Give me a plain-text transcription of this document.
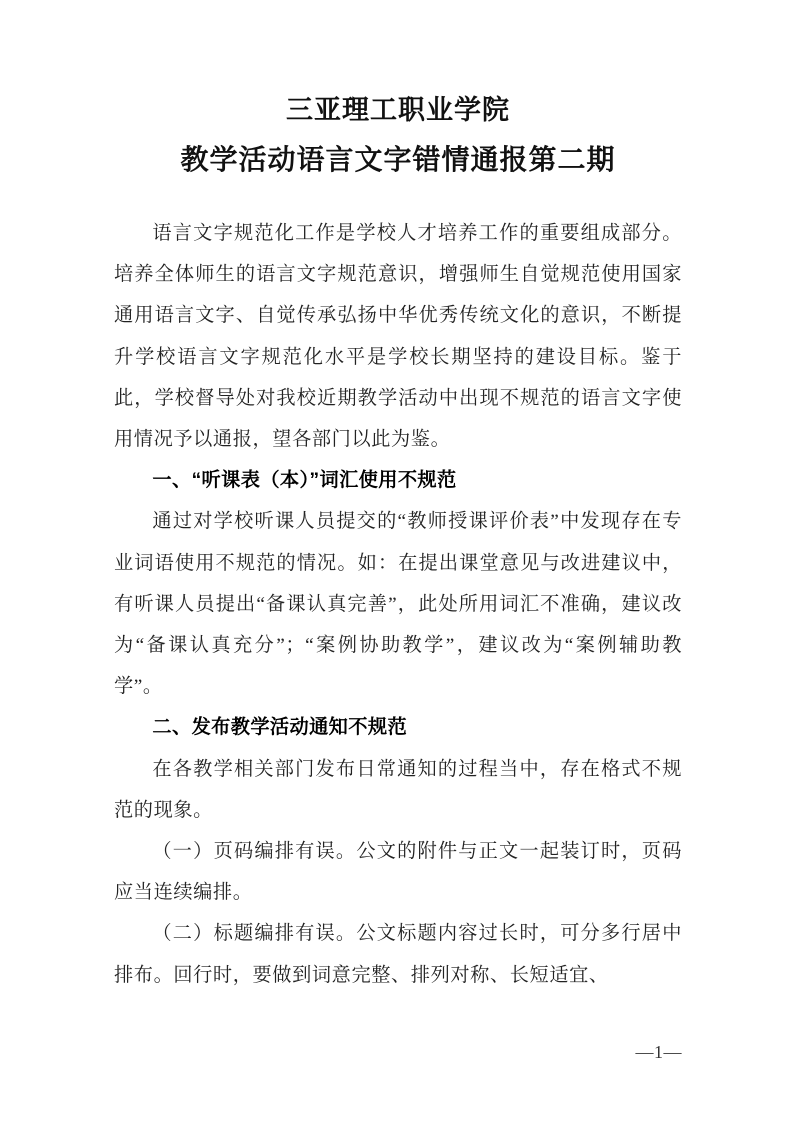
三亚理工职业学院
教学活动语言文字错情通报第二期

语言文字规范化工作是学校人才培养工作的重要组成部分。培养全体师生的语言文字规范意识，增强师生自觉规范使用国家通用语言文字、自觉传承弘扬中华优秀传统文化的意识，不断提升学校语言文字规范化水平是学校长期坚持的建设目标。鉴于此，学校督导处对我校近期教学活动中出现不规范的语言文字使用情况予以通报，望各部门以此为鉴。

一、“听课表（本）”词汇使用不规范

通过对学校听课人员提交的“教师授课评价表”中发现存在专业词语使用不规范的情况。如：在提出课堂意见与改进建议中，有听课人员提出“备课认真完善”，此处所用词汇不准确，建议改为“备课认真充分”；“案例协助教学”，建议改为“案例辅助教学”。

二、发布教学活动通知不规范

在各教学相关部门发布日常通知的过程当中，存在格式不规范的现象。

（一）页码编排有误。公文的附件与正文一起装订时，页码应当连续编排。

（二）标题编排有误。公文标题内容过长时，可分多行居中排布。回行时，要做到词意完整、排列对称、长短适宜、

—1—
